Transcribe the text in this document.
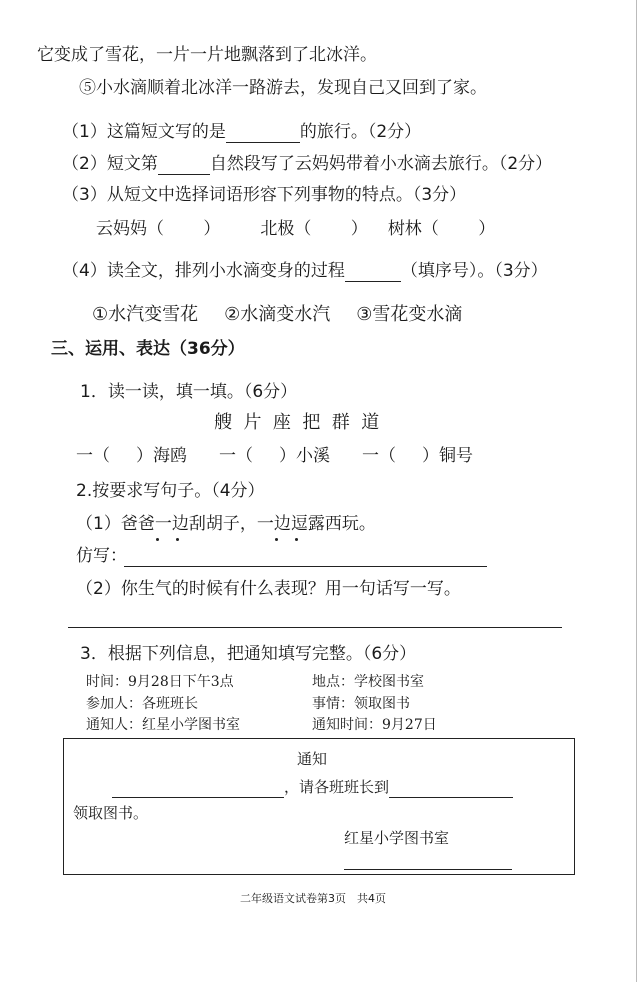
它变成了雪花，一片一片地飘落到了北冰洋。
⑤小水滴顺着北冰洋一路游去，发现自己又回到了家。
（1）这篇短文写的是	的旅行。（2分）
（2）短文第	自然段写了云妈妈带着小水滴去旅行。（2分）
（3）从短文中选择词语形容下列事物的特点。（3分）
云妈妈（　　 ） 北极（　　 ） 树林（　　 ）
（4）读全文，排列小水滴变身的过程	（填序号）。（3分）
①水汽变雪花 ②水滴变水汽 ③雪花变水滴
三、运用、表达（36分）
1．读一读，填一填。（6分）
艘  片  座  把  群  道
一（ ）海鸥 一（ ）小溪 一（ ）铜号
2.按要求写句子。（4分）
（1）爸爸一边刮胡子，一边逗露西玩。
仿写：
（2）你生气的时候有什么表现？用一句话写一写。
3．根据下列信息，把通知填写完整。（6分）
时间：9月28日下午3点	地点：学校图书室
参加人：各班班长	事情：领取图书
通知人：红星小学图书室	通知时间：9月27日
通知
，请各班班长到
领取图书。
红星小学图书室
二年级语文试卷第3页　共4页
